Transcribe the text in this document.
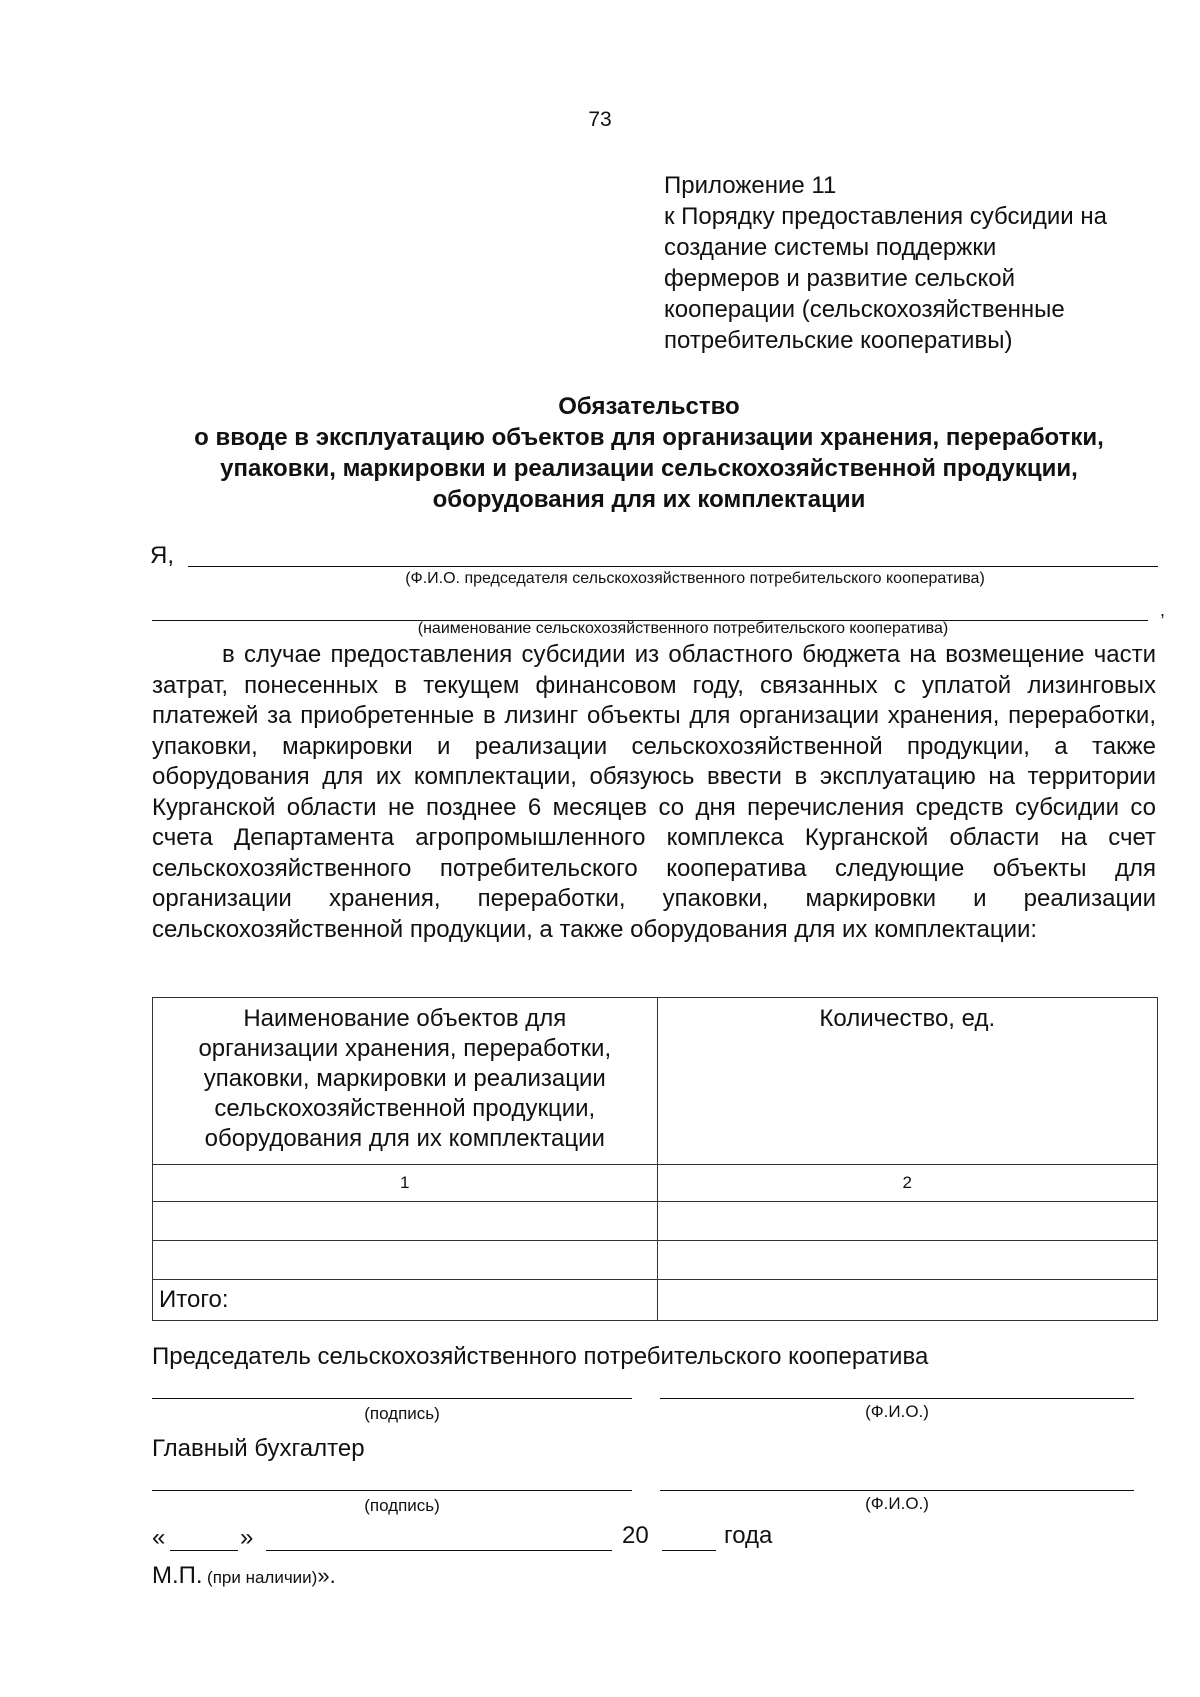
73
Приложение 11
к Порядку предоставления субсидии на
создание системы поддержки
фермеров и развитие сельской
кооперации (сельскохозяйственные
потребительские кооперативы)
Обязательство
о вводе в эксплуатацию объектов для организации хранения, переработки,
упаковки, маркировки и реализации сельскохозяйственной продукции,
оборудования для их комплектации
Я,
(Ф.И.О. председателя сельскохозяйственного потребительского кооператива)
,
(наименование сельскохозяйственного потребительского кооператива)
в случае предоставления субсидии из областного бюджета на возмещение части затрат, понесенных в текущем финансовом году, связанных с уплатой лизинговых платежей за приобретенные в лизинг объекты для организации хранения, переработки, упаковки, маркировки и реализации сельскохозяйственной продукции, а также оборудования для их комплектации, обязуюсь ввести в эксплуатацию на территории Курганской области не позднее 6 месяцев со дня перечисления средств субсидии со счета Департамента агропромышленного комплекса Курганской области на счет сельскохозяйственного потребительского кооператива следующие объекты для организации хранения, переработки, упаковки, маркировки и реализации сельскохозяйственной продукции, а также оборудования для их комплектации:
Наименование объектов для
организации хранения, переработки,
упаковки, маркировки и реализации
сельскохозяйственной продукции,
оборудования для их комплектации	Количество, ед.
1	2

Итого:	
Председатель сельскохозяйственного потребительского кооператива
(подпись)	(Ф.И.О.)
Главный бухгалтер
(подпись)	(Ф.И.О.)
«	»	20	года
М.П. (при наличии)».
